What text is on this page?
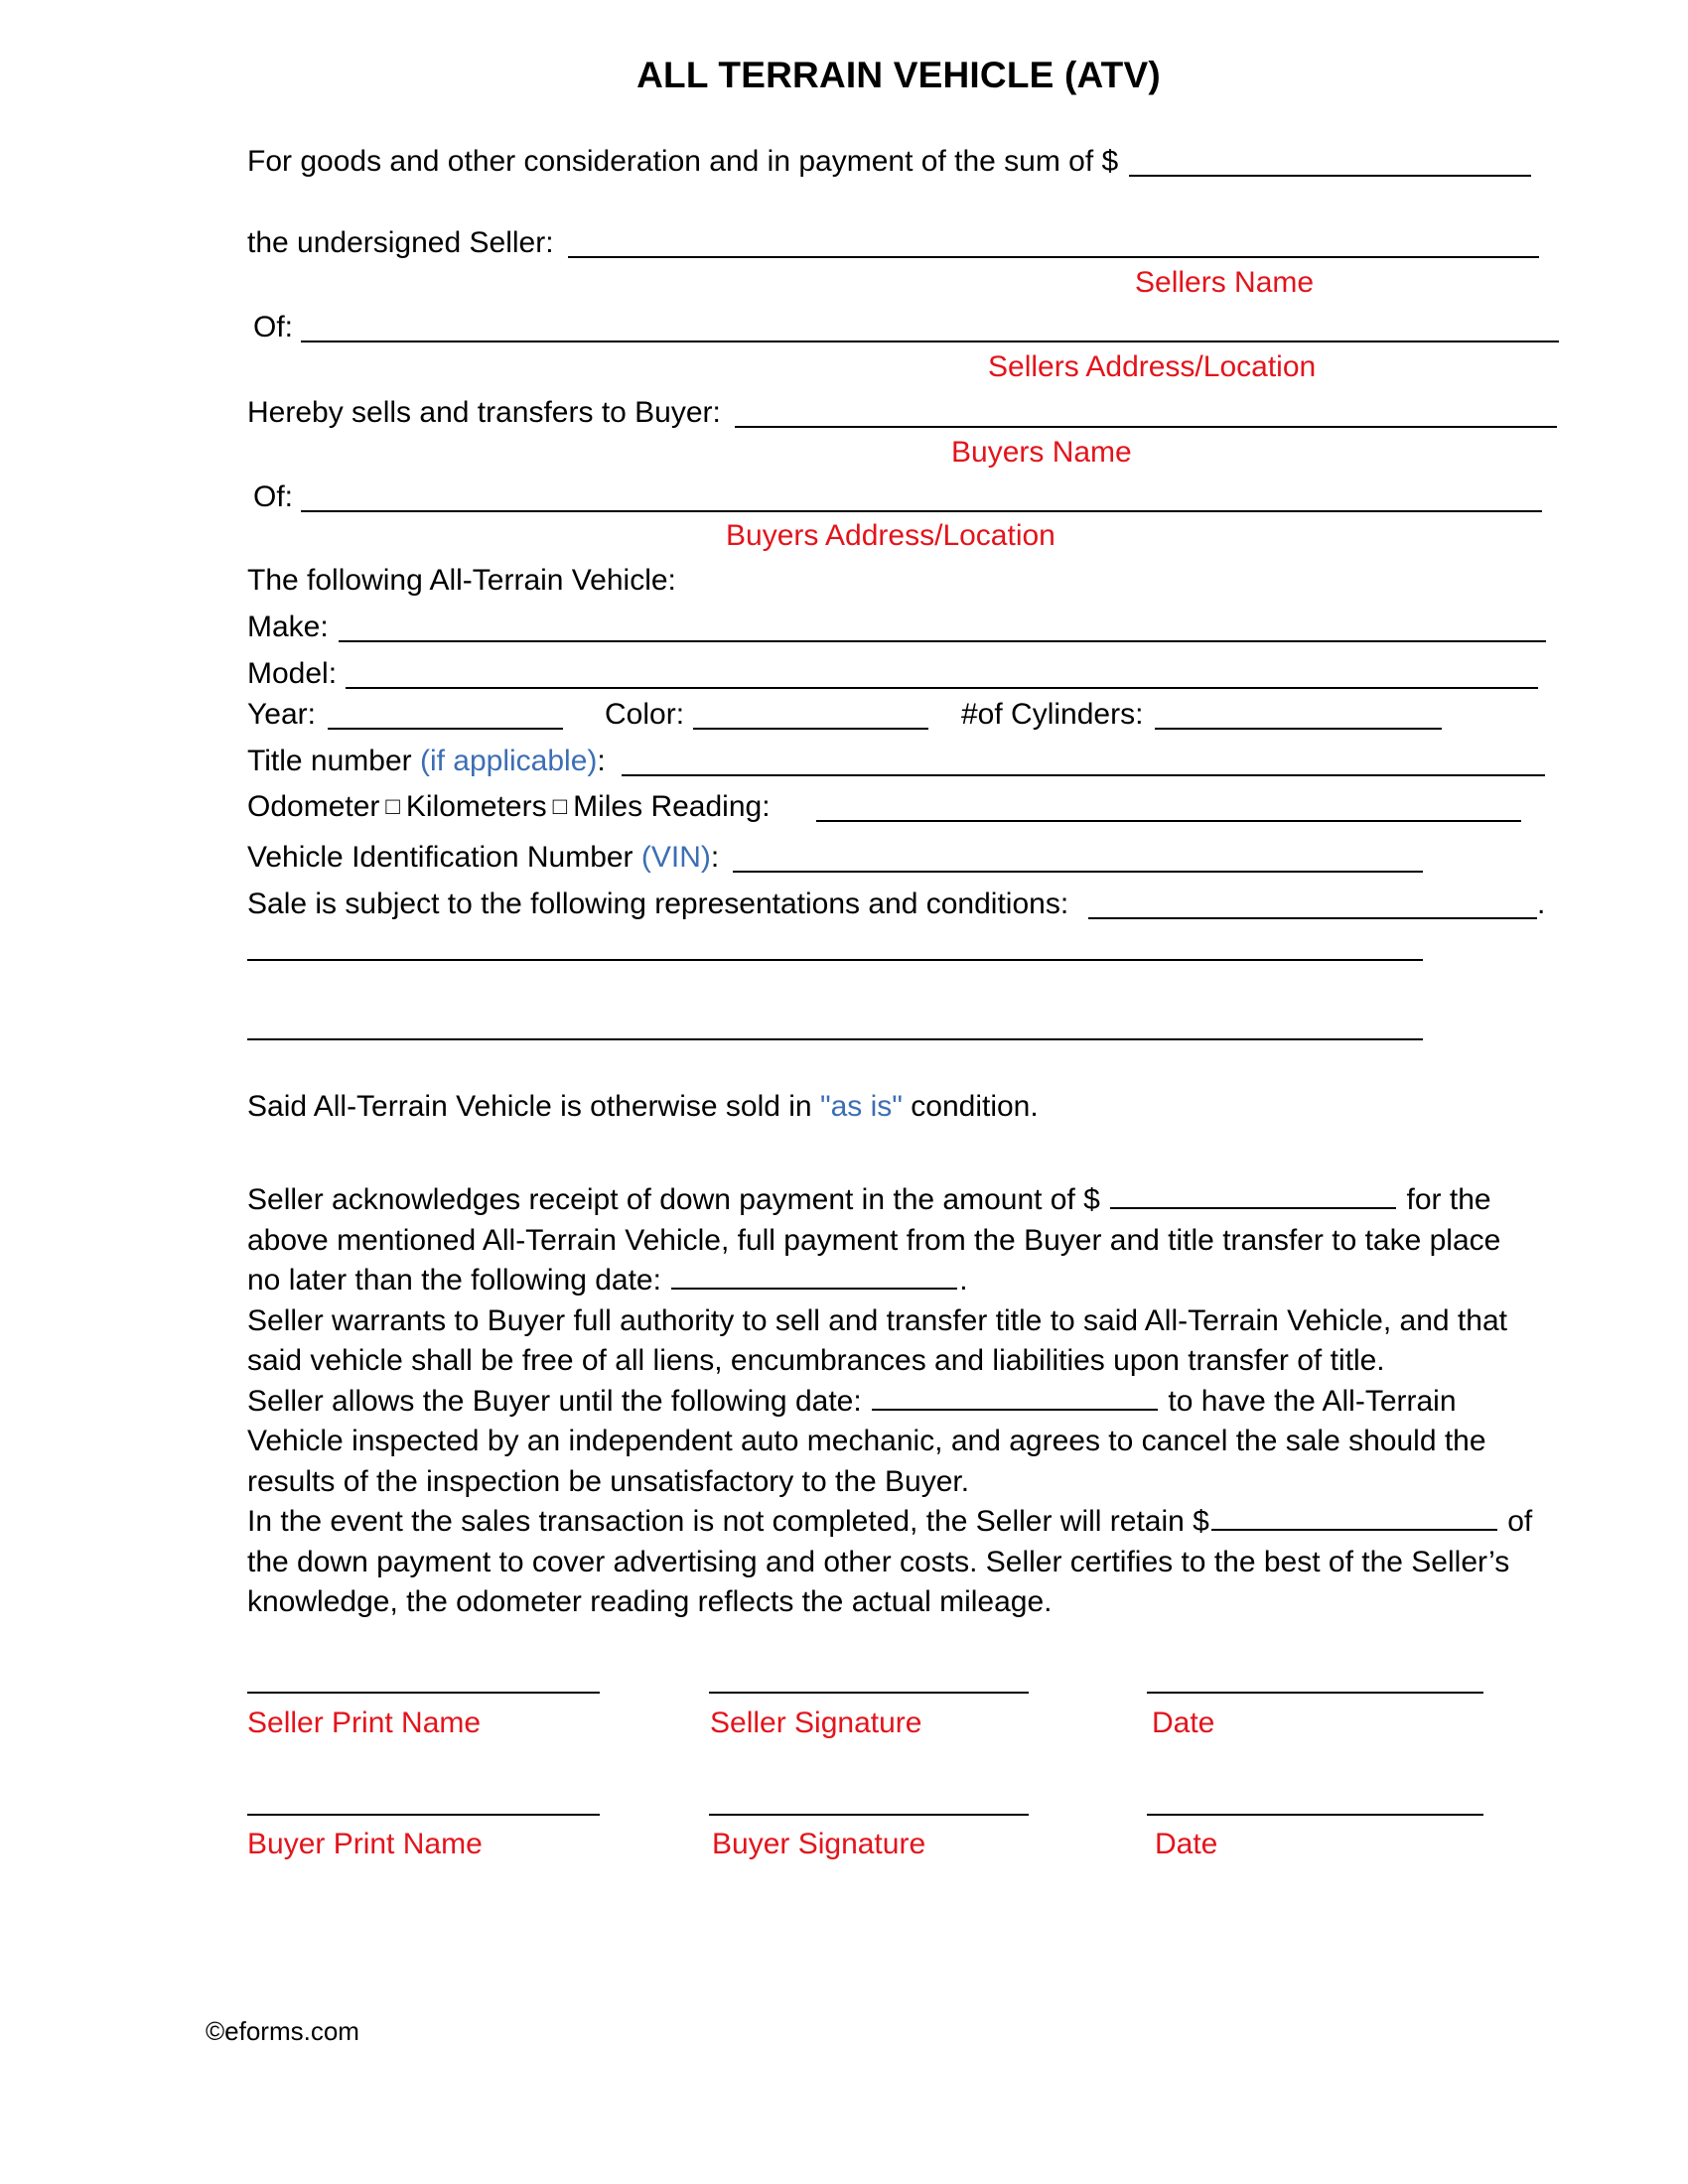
ALL TERRAIN VEHICLE (ATV)
For goods and other consideration and in payment of the sum of $
the undersigned Seller:
Sellers Name
Of:
Sellers Address/Location
Hereby sells and transfers to Buyer:
Buyers Name
Of:
Buyers Address/Location
The following All-Terrain Vehicle:
Make:
Model:
Year:	Color:	#of Cylinders:
Title number (if applicable):
Odometer □ Kilometers □ Miles Reading:
Vehicle Identification Number (VIN):
Sale is subject to the following representations and conditions:	.
Said All-Terrain Vehicle is otherwise sold in "as is" condition.
Seller acknowledges receipt of down payment in the amount of $	for the above mentioned All-Terrain Vehicle, full payment from the Buyer and title transfer to take place no later than the following date:	.
Seller warrants to Buyer full authority to sell and transfer title to said All-Terrain Vehicle, and that said vehicle shall be free of all liens, encumbrances and liabilities upon transfer of title.
Seller allows the Buyer until the following date:	to have the All-Terrain Vehicle inspected by an independent auto mechanic, and agrees to cancel the sale should the results of the inspection be unsatisfactory to the Buyer.
In the event the sales transaction is not completed, the Seller will retain $	of the down payment to cover advertising and other costs. Seller certifies to the best of the Seller’s knowledge, the odometer reading reflects the actual mileage.
Seller Print Name	Seller Signature	Date
Buyer Print Name	Buyer Signature	Date
©eforms.com
